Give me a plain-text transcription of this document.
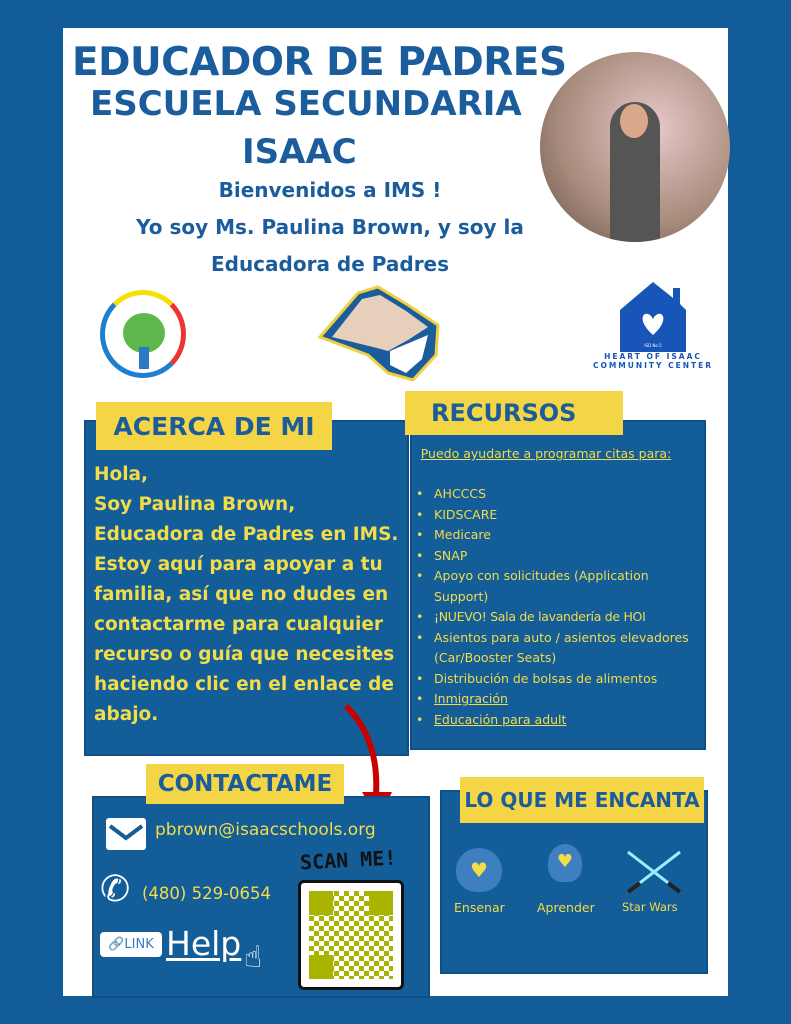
EDUCADOR DE PADRES
ESCUELA SECUNDARIA
ISAAC
Bienvenidos a IMS !
Yo soy Ms. Paulina Brown, y soy la
Educadora de Padres
ISD No.5
HEART OF ISAAC
COMMUNITY CENTER
ACERCA DE MI
Hola,
Soy Paulina Brown,
Educadora de Padres en IMS.
Estoy aquí para apoyar a tu
familia, así que no dudes en
contactarme para cualquier
recurso o guía que necesites
haciendo clic en el enlace de
abajo.
RECURSOS
Puedo ayudarte a programar citas para:
• AHCCCS
• KIDSCARE
• Medicare
• SNAP
• Apoyo con solicitudes (Application Support)
• ¡NUEVO! Sala de lavandería de HOI
• Asientos para auto / asientos elevadores (Car/Booster Seats)
• Distribución de bolsas de alimentos
• Inmigración
• Educación para adult
CONTACTAME
pbrown@isaacschools.org
✆ (480) 529-0654
🔗 LINK Help ☝
SCAN ME!
LO QUE ME ENCANTA
♥	♥
Ensenar	Aprender Star Wars
